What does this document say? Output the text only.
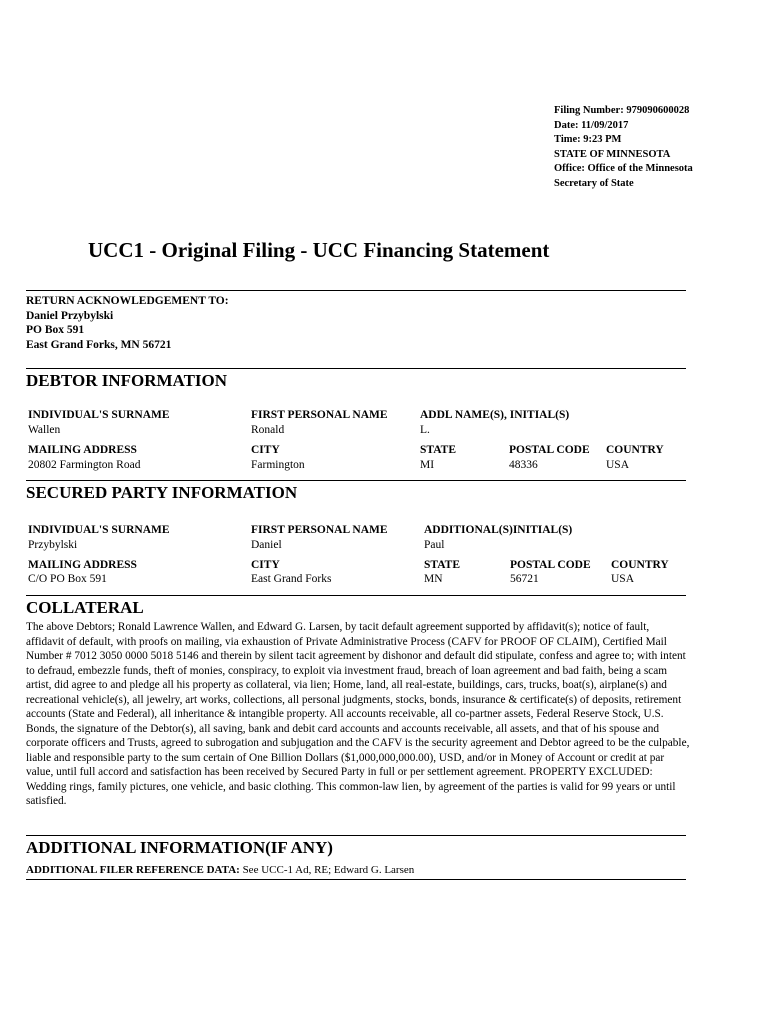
Filing Number: 979090600028
Date: 11/09/2017
Time: 9:23 PM
STATE OF MINNESOTA
Office: Office of the Minnesota
Secretary of State
UCC1 - Original Filing - UCC Financing Statement
RETURN ACKNOWLEDGEMENT TO:
Daniel Przybylski
PO Box 591
East Grand Forks, MN 56721
DEBTOR INFORMATION
INDIVIDUAL'S SURNAME
Wallen
FIRST PERSONAL NAME
Ronald
ADDL NAME(S), INITIAL(S)
L.
MAILING ADDRESS
20802 Farmington Road
CITY
Farmington
STATE
MI
POSTAL CODE
48336
COUNTRY
USA
SECURED PARTY INFORMATION
INDIVIDUAL'S SURNAME
Przybylski
FIRST PERSONAL NAME
Daniel
ADDITIONAL(S)INITIAL(S)
Paul
MAILING ADDRESS
C/O PO Box 591
CITY
East Grand Forks
STATE
MN
POSTAL CODE
56721
COUNTRY
USA
COLLATERAL
The above Debtors; Ronald Lawrence Wallen, and Edward G. Larsen, by tacit default agreement supported by affidavit(s); notice of fault, affidavit of default, with proofs on mailing, via exhaustion of Private Administrative Process (CAFV for PROOF OF CLAIM), Certified Mail Number # 7012 3050 0000 5018 5146 and therein by silent tacit agreement by dishonor and default did stipulate, confess and agree to; with intent to defraud, embezzle funds, theft of monies, conspiracy, to exploit via investment fraud, breach of loan agreement and bad faith, being a scam artist, did agree to and pledge all his property as collateral, via lien; Home, land, all real-estate, buildings, cars, trucks, boat(s), airplane(s) and recreational vehicle(s), all jewelry, art works, collections, all personal judgments, stocks, bonds, insurance & certificate(s) of deposits, retirement accounts (State and Federal), all inheritance & intangible property. All accounts receivable, all co-partner assets, Federal Reserve Stock, U.S. Bonds, the signature of the Debtor(s), all saving, bank and debit card accounts and accounts receivable, all assets, and that of his spouse and corporate officers and Trusts, agreed to subrogation and subjugation and the CAFV is the security agreement and Debtor agreed to be the culpable, liable and responsible party to the sum certain of One Billion Dollars ($1,000,000,000.00), USD, and/or in Money of Account or credit at par value, until full accord and satisfaction has been received by Secured Party in full or per settlement agreement. PROPERTY EXCLUDED: Wedding rings, family pictures, one vehicle, and basic clothing. This common-law lien, by agreement of the parties is valid for 99 years or until satisfied.
ADDITIONAL INFORMATION(IF ANY)
ADDITIONAL FILER REFERENCE DATA: See UCC-1 Ad, RE; Edward G. Larsen
